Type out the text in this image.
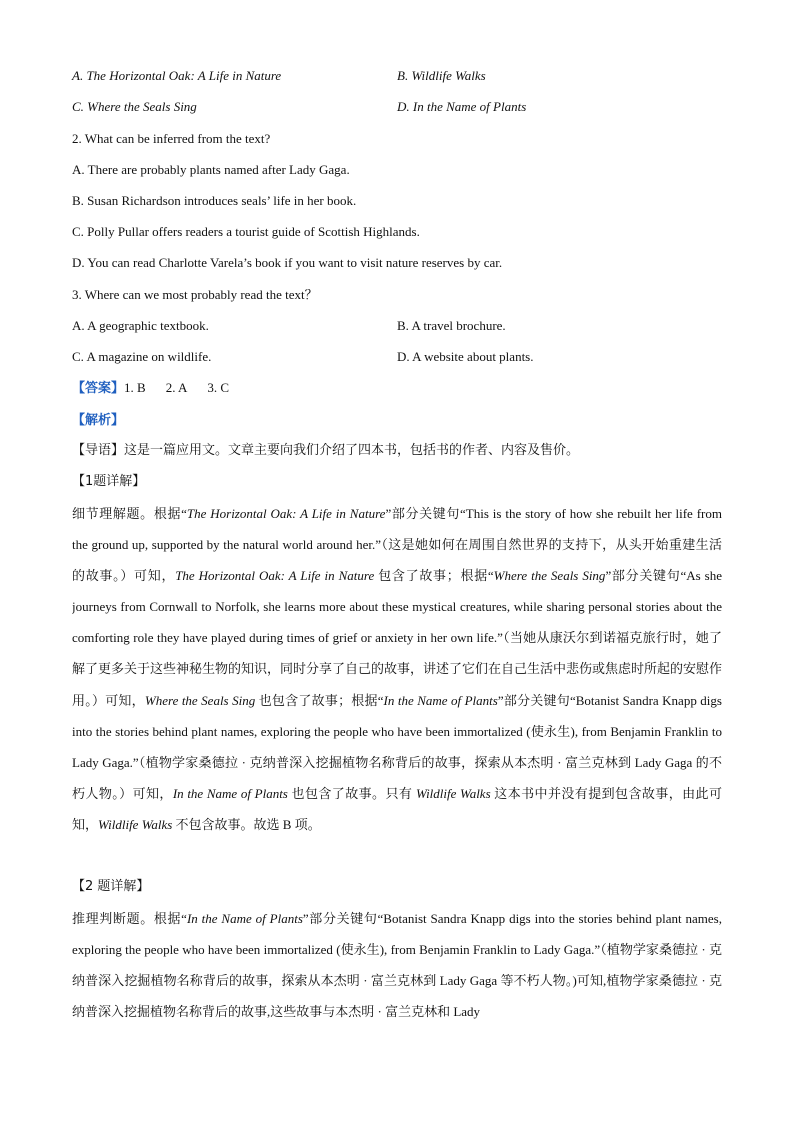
A. The Horizontal Oak: A Life in Nature	B. Wildlife Walks
C. Where the Seals Sing	D. In the Name of Plants
2. What can be inferred from the text?
A. There are probably plants named after Lady Gaga.
B. Susan Richardson introduces seals’ life in her book.
C. Polly Pullar offers readers a tourist guide of Scottish Highlands.
D. You can read Charlotte Varela’s book if you want to visit nature reserves by car.
3. Where can we most probably read the text？
A. A geographic textbook.	B. A travel brochure.
C. A magazine on wildlife.	D. A website about plants.
【答案】1. B 2. A 3. C
【解析】
【导语】这是一篇应用文。文章主要向我们介绍了四本书，包括书的作者、内容及售价。
【1题详解】
细节理解题。根据“The Horizontal Oak: A Life in Nature”部分关键句“This is the story of how she rebuilt her life from the ground up, supported by the natural world around her.”（这是她如何在周围自然世界的支持下，从头开始重建生活的故事。）可知，The Horizontal Oak: A Life in Nature 包含了故事；根据“Where the Seals Sing”部分关键句“As she journeys from Cornwall to Norfolk, she learns more about these mystical creatures, while sharing personal stories about the comforting role they have played during times of grief or anxiety in her own life.”（当她从康沃尔到诺福克旅行时，她了解了更多关于这些神秘生物的知识，同时分享了自己的故事，讲述了它们在自己生活中悲伤或焦虑时所起的安慰作用。）可知，Where the Seals Sing 也包含了故事；根据“In the Name of Plants”部分关键句“Botanist Sandra Knapp digs into the stories behind plant names, exploring the people who have been immortalized (使永生), from Benjamin Franklin to Lady Gaga.”（植物学家桑德拉 · 克纳普深入挖掘植物名称背后的故事，探索从本杰明 · 富兰克林到 Lady Gaga 的不朽人物。）可知，In the Name of Plants 也包含了故事。只有 Wildlife Walks 这本书中并没有提到包含故事，由此可知，Wildlife Walks 不包含故事。故选 B 项。
【2 题详解】
推理判断题。根据“In the Name of Plants”部分关键句“Botanist Sandra Knapp digs into the stories behind plant names, exploring the people who have been immortalized (使永生), from Benjamin Franklin to Lady Gaga.”（植物学家桑德拉 · 克纳普深入挖掘植物名称背后的故事，探索从本杰明 · 富兰克林到 Lady Gaga 等不朽人物。)可知,植物学家桑德拉 · 克纳普深入挖掘植物名称背后的故事,这些故事与本杰明 · 富兰克林和 Lady
